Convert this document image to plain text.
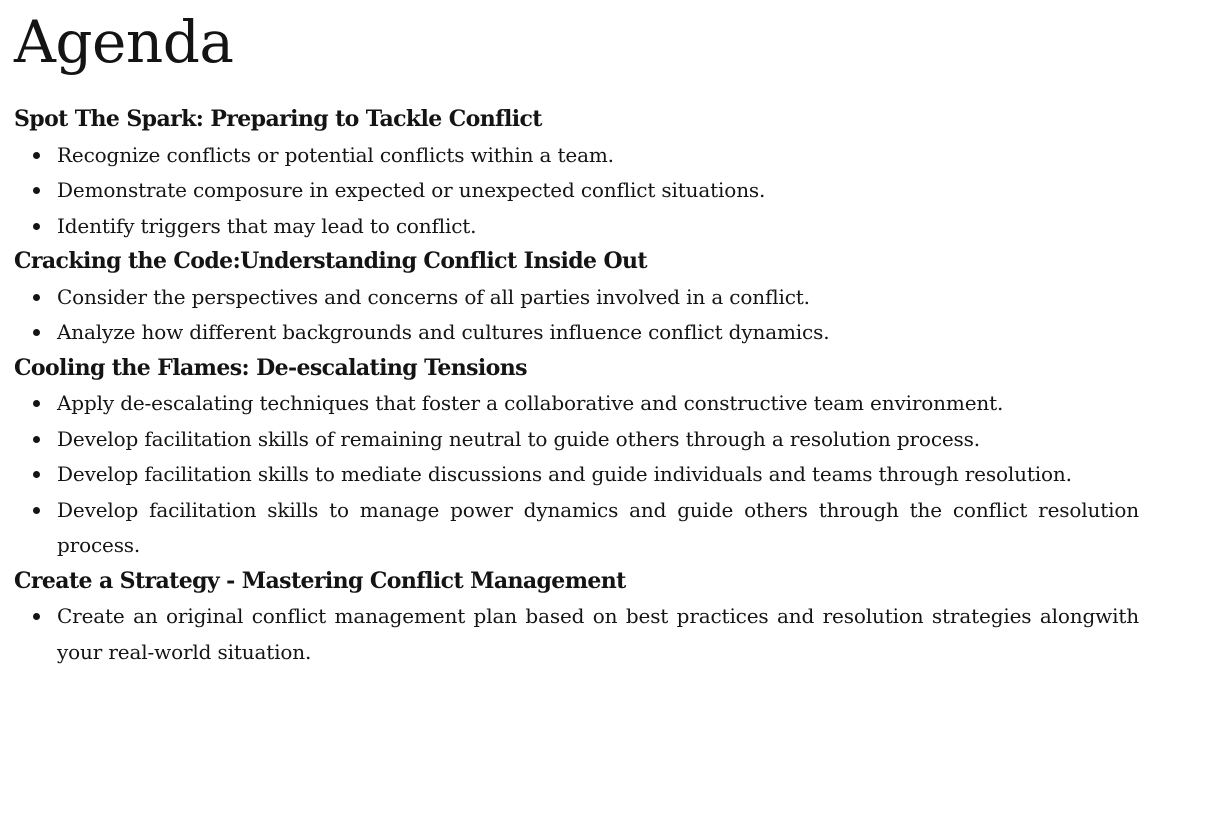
Agenda
Spot The Spark: Preparing to Tackle Conflict
Recognize conflicts or potential conflicts within a team.
Demonstrate composure in expected or unexpected conflict situations.
Identify triggers that may lead to conflict.
Cracking the Code:Understanding Conflict Inside Out
Consider the perspectives and concerns of all parties involved in a conflict.
Analyze how different backgrounds and cultures influence conflict dynamics.
Cooling the Flames: De-escalating Tensions
Apply de-escalating techniques that foster a collaborative and constructive team environment.
Develop facilitation skills of remaining neutral to guide others through a resolution process.
Develop facilitation skills to mediate discussions and guide individuals and teams through resolution.
Develop facilitation skills to manage power dynamics and guide others through the conflict resolution process.
Create a Strategy - Mastering Conflict Management
Create an original conflict management plan based on best practices and resolution strategies alongwith your real-world situation.
